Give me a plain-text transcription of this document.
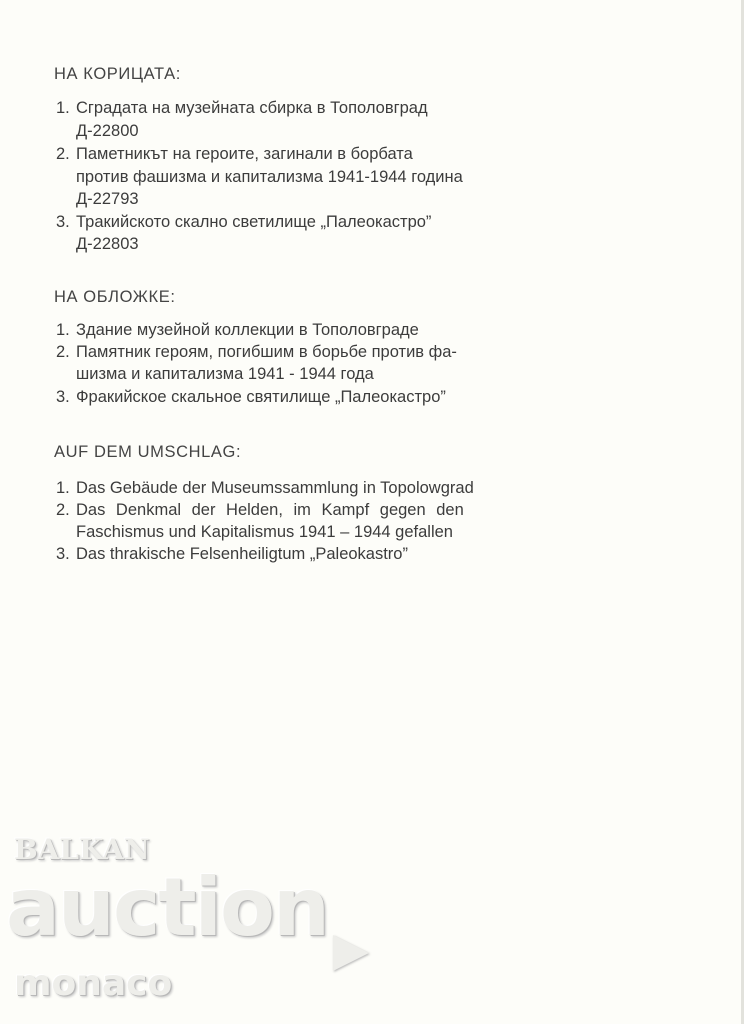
НА КОРИЦАТА:
1. Сградата на музейната сбирка в Тополовград
Д-22800
2. Паметникът на героите, загинали в борбата
против фашизма и капитализма 1941-1944 година
Д-22793
3. Тракийското скално светилище „Палеокастро”
Д-22803
НА ОБЛОЖКЕ:
1. Здание музейной коллекции в Тополовграде
2. Памятник героям, погибшим в борьбе против фа-
шизма и капитализма 1941 - 1944 года
3. Фракийское скальное святилище „Палеокастро”
AUF DEM UMSCHLAG:
1. Das Gebäude der Museumssammlung in Topolowgrad
2. Das Denkmal der Helden, im Kampf gegen den
Faschismus und Kapitalismus 1941 – 1944 gefallen
3. Das thrakische Felsenheiligtum „Paleokastro”
BALKAN
auction
monaco
